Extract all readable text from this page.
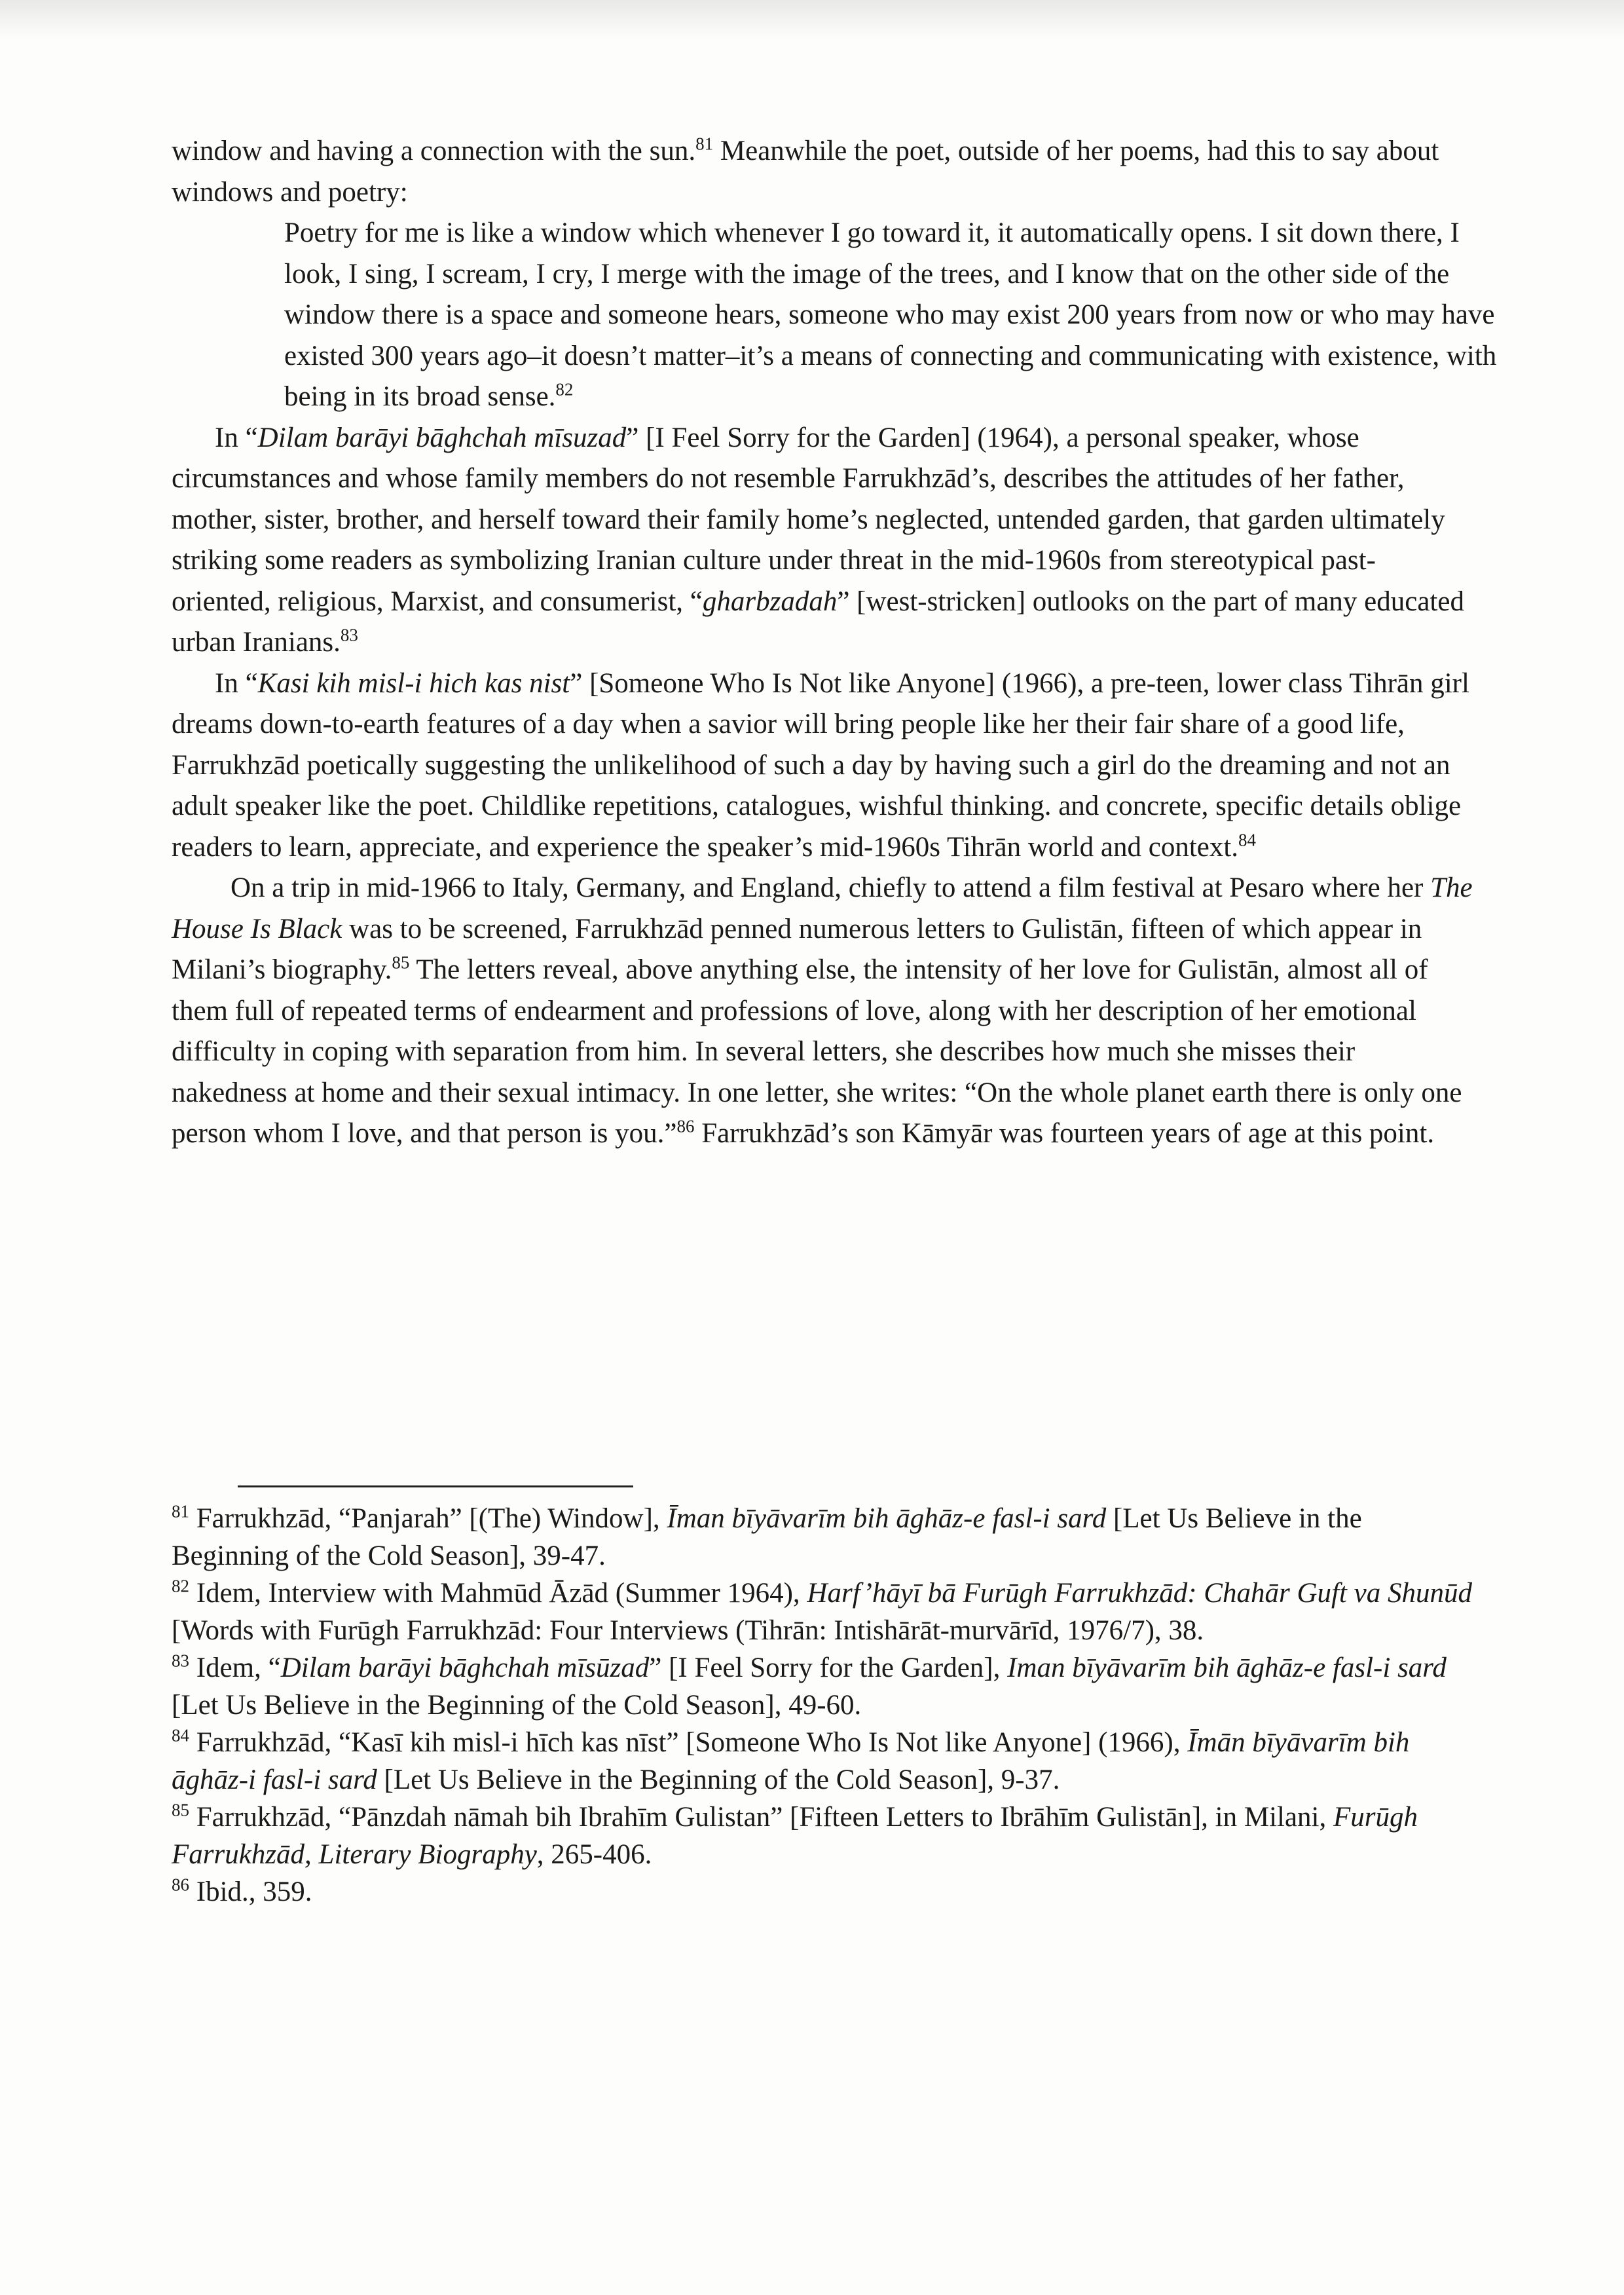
window and having a connection with the sun.$^{81}$ Meanwhile the poet, outside of her poems, had this to say about windows and poetry:

Poetry for me is like a window which whenever I go toward it, it automatically opens. I sit down there, I look, I sing, I scream, I cry, I merge with the image of the trees, and I know that on the other side of the window there is a space and someone hears, someone who may exist 200 years from now or who may have existed 300 years ago–it doesn’t matter–it’s a means of connecting and communicating with existence, with being in its broad sense.$^{82}$

In “Dilam barāyi bāghchah mīsuzad” [I Feel Sorry for the Garden] (1964), a personal speaker, whose circumstances and whose family members do not resemble Farrukhzād’s, describes the attitudes of her father, mother, sister, brother, and herself toward their family home’s neglected, untended garden, that garden ultimately striking some readers as symbolizing Iranian culture under threat in the mid-1960s from stereotypical past-oriented, religious, Marxist, and consumerist, “gharbzadah” [west-stricken] outlooks on the part of many educated urban Iranians.$^{83}$

In “Kasi kih misl-i hich kas nist” [Someone Who Is Not like Anyone] (1966), a pre-teen, lower class Tihrān girl dreams down-to-earth features of a day when a savior will bring people like her their fair share of a good life, Farrukhzād poetically suggesting the unlikelihood of such a day by having such a girl do the dreaming and not an adult speaker like the poet. Childlike repetitions, catalogues, wishful thinking. and concrete, specific details oblige readers to learn, appreciate, and experience the speaker’s mid-1960s Tihrān world and context.$^{84}$

On a trip in mid-1966 to Italy, Germany, and England, chiefly to attend a film festival at Pesaro where her The House Is Black was to be screened, Farrukhzād penned numerous letters to Gulistān, fifteen of which appear in Milani’s biography.$^{85}$ The letters reveal, above anything else, the intensity of her love for Gulistān, almost all of them full of repeated terms of endearment and professions of love, along with her description of her emotional difficulty in coping with separation from him. In several letters, she describes how much she misses their nakedness at home and their sexual intimacy. In one letter, she writes: “On the whole planet earth there is only one person whom I love, and that person is you.”$^{86}$ Farrukhzād’s son Kāmyār was fourteen years of age at this point.

$^{81}$ Farrukhzād, “Panjarah” [(The) Window], Īman bīyāvarīm bih āghāz-e fasl-i sard [Let Us Believe in the Beginning of the Cold Season], 39-47.

$^{82}$ Idem, Interview with Mahmūd Āzād (Summer 1964), Harf’hāyī bā Furūgh Farrukhzād: Chahār Guft va Shunūd [Words with Furūgh Farrukhzād: Four Interviews (Tihrān: Intishārāt-murvārīd, 1976/7), 38.

$^{83}$ Idem, “Dilam barāyi bāghchah mīsūzad” [I Feel Sorry for the Garden], Iman bīyāvarīm bih āghāz-e fasl-i sard [Let Us Believe in the Beginning of the Cold Season], 49-60.

$^{84}$ Farrukhzād, “Kasī kih misl-i hīch kas nīst” [Someone Who Is Not like Anyone] (1966), Īmān bīyāvarīm bih āghāz-i fasl-i sard [Let Us Believe in the Beginning of the Cold Season], 9-37.

$^{85}$ Farrukhzād, “Pānzdah nāmah bih Ibrahīm Gulistan” [Fifteen Letters to Ibrāhīm Gulistān], in Milani, Furūgh Farrukhzād, Literary Biography, 265-406.

$^{86}$ Ibid., 359.
